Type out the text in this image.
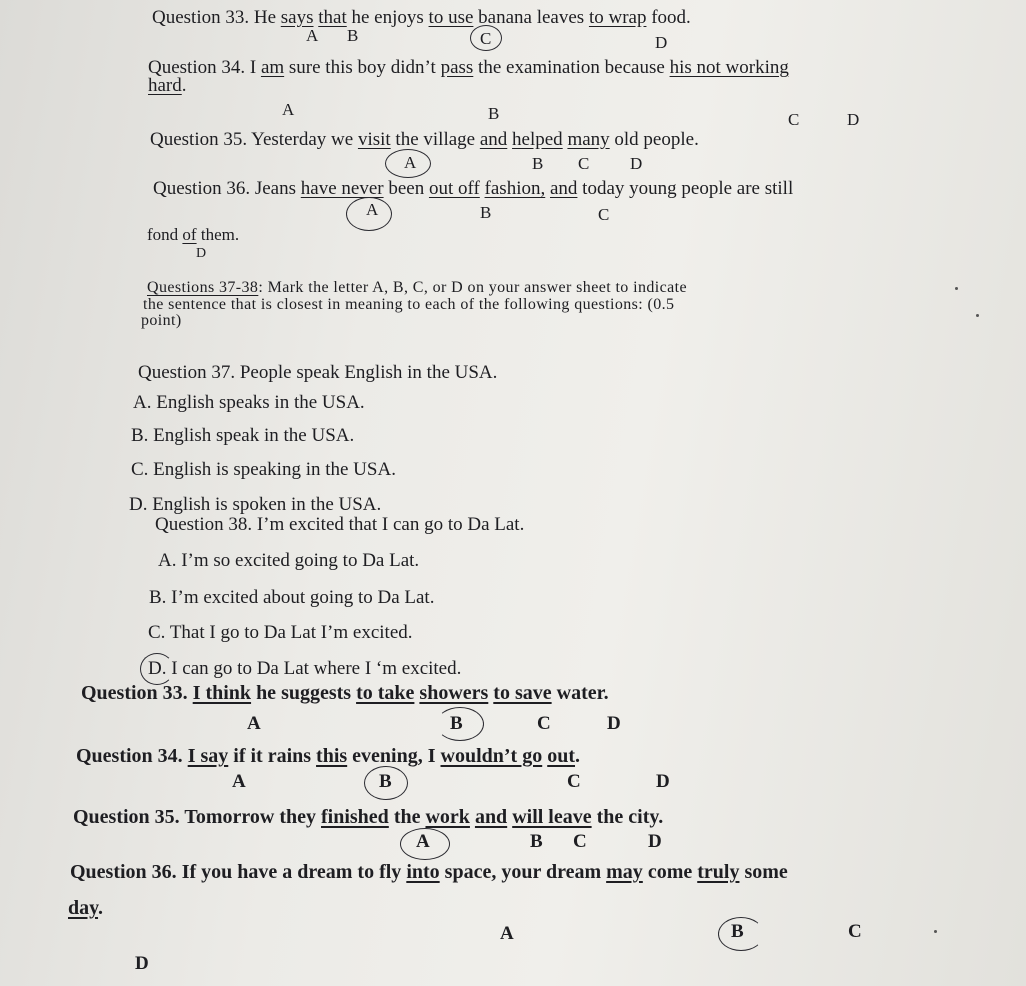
Question 33. He says that he enjoys to use banana leaves to wrap food.
A B	C	D
Question 34. I am sure this boy didn’t pass the examination because his not working
hard.
A	B	C	D
Question 35. Yesterday we visit the village and helped many old people.
A	B C D
Question 36. Jeans have never been out off fashion, and today young people are still
A	B	C
fond of them.
D
Questions 37-38: Mark the letter A, B, C, or D on your answer sheet to indicate
the sentence that is closest in meaning to each of the following questions: (0.5
point)
Question 37. People speak English in the USA.
A. English speaks in the USA.
B. English speak in the USA.
C. English is speaking in the USA.
D. English is spoken in the USA.
Question 38. I’m excited that I can go to Da Lat.
A. I’m so excited going to Da Lat.
B. I’m excited about going to Da Lat.
C. That I go to Da Lat I’m excited.
D. I can go to Da Lat where I ‘m excited.
Question 33. I think he suggests to take showers to save water.
A	B	C	D
Question 34. I say if it rains this evening, I wouldn’t go out.
A	B	C	D
Question 35. Tomorrow they finished the work and will leave the city.
A	B C	D
Question 36. If you have a dream to fly into space, your dream may come truly some
day.
A	B	C
D
